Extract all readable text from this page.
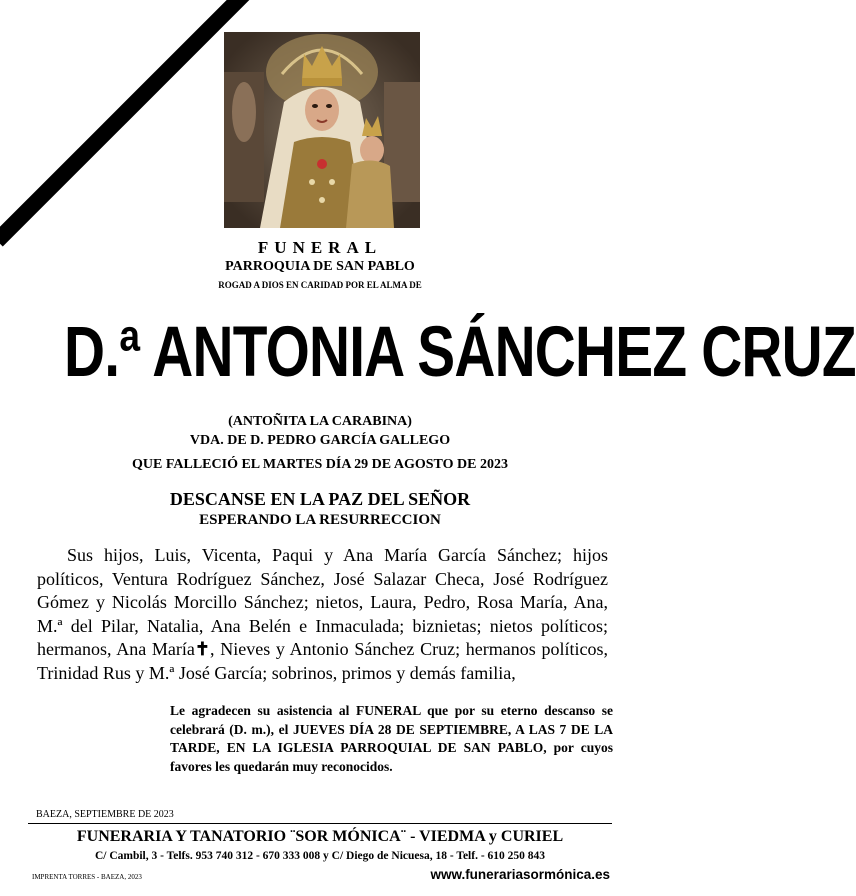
FUNERAL
PARROQUIA DE SAN PABLO
ROGAD A DIOS EN CARIDAD POR EL ALMA DE
D.ª ANTONIA SÁNCHEZ CRUZ
(ANTOÑITA LA CARABINA)
VDA. DE D. PEDRO GARCÍA GALLEGO
QUE FALLECIÓ EL MARTES DÍA 29 DE AGOSTO DE 2023
DESCANSE EN LA PAZ DEL SEÑOR
ESPERANDO LA RESURRECCION
Sus hijos, Luis, Vicenta, Paqui y Ana María García Sánchez; hijos políticos, Ventura Rodríguez Sánchez, José Salazar Checa, José Rodríguez Gómez y Nicolás Morcillo Sánchez; nietos, Laura, Pedro, Rosa María, Ana, M.ª del Pilar, Natalia, Ana Belén e Inmaculada; biznietas; nietos políticos; hermanos, Ana María✝, Nieves y Antonio Sánchez Cruz; hermanos políticos, Trinidad Rus y M.ª José García; sobrinos, primos y demás familia,
Le agradecen su asistencia al FUNERAL que por su eterno descanso se celebrará (D. m.), el JUEVES DÍA 28 DE SEPTIEMBRE, A LAS 7 DE LA TARDE, EN LA IGLESIA PARROQUIAL DE SAN PABLO, por cuyos favores les quedarán muy reconocidos.
BAEZA, SEPTIEMBRE DE 2023
FUNERARIA Y TANATORIO ¨SOR MÓNICA¨ - VIEDMA y CURIEL
C/ Cambil, 3 - Telfs. 953 740 312 - 670 333 008 y C/ Diego de Nicuesa, 18 - Telf. - 610 250 843
IMPRENTA TORRES - BAEZA, 2023	www.funerariasormónica.es
